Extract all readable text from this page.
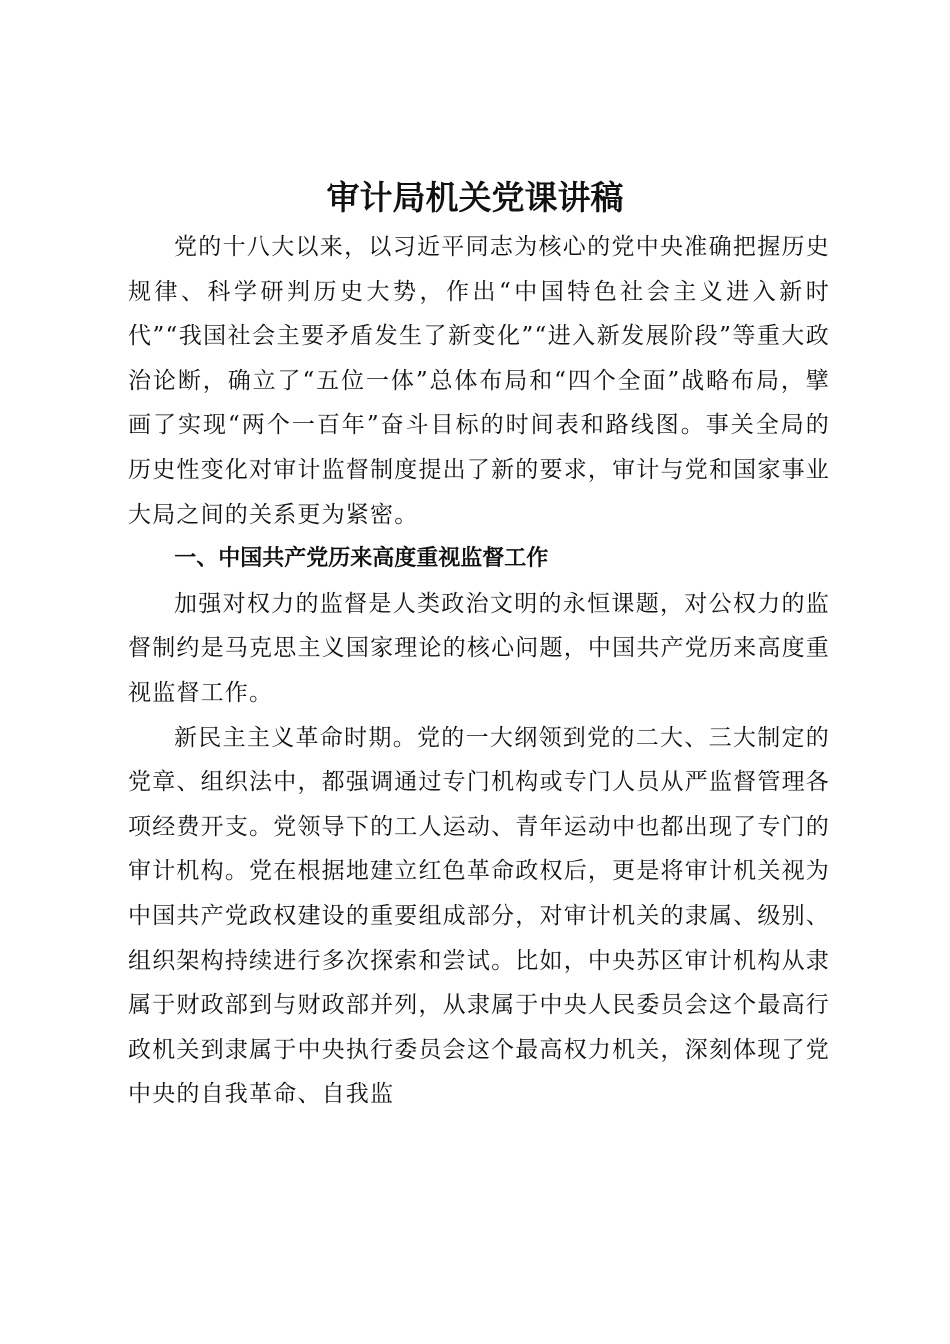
审计局机关党课讲稿

党的十八大以来，以习近平同志为核心的党中央准确把握历史规律、科学研判历史大势，作出“中国特色社会主义进入新时代”“我国社会主要矛盾发生了新变化”“进入新发展阶段”等重大政治论断，确立了“五位一体”总体布局和“四个全面”战略布局，擘画了实现“两个一百年”奋斗目标的时间表和路线图。事关全局的历史性变化对审计监督制度提出了新的要求，审计与党和国家事业大局之间的关系更为紧密。

一、中国共产党历来高度重视监督工作

加强对权力的监督是人类政治文明的永恒课题，对公权力的监督制约是马克思主义国家理论的核心问题，中国共产党历来高度重视监督工作。

新民主主义革命时期。党的一大纲领到党的二大、三大制定的党章、组织法中，都强调通过专门机构或专门人员从严监督管理各项经费开支。党领导下的工人运动、青年运动中也都出现了专门的审计机构。党在根据地建立红色革命政权后，更是将审计机关视为中国共产党政权建设的重要组成部分，对审计机关的隶属、级别、组织架构持续进行多次探索和尝试。比如，中央苏区审计机构从隶属于财政部到与财政部并列，从隶属于中央人民委员会这个最高行政机关到隶属于中央执行委员会这个最高权力机关，深刻体现了党中央的自我革命、自我监
